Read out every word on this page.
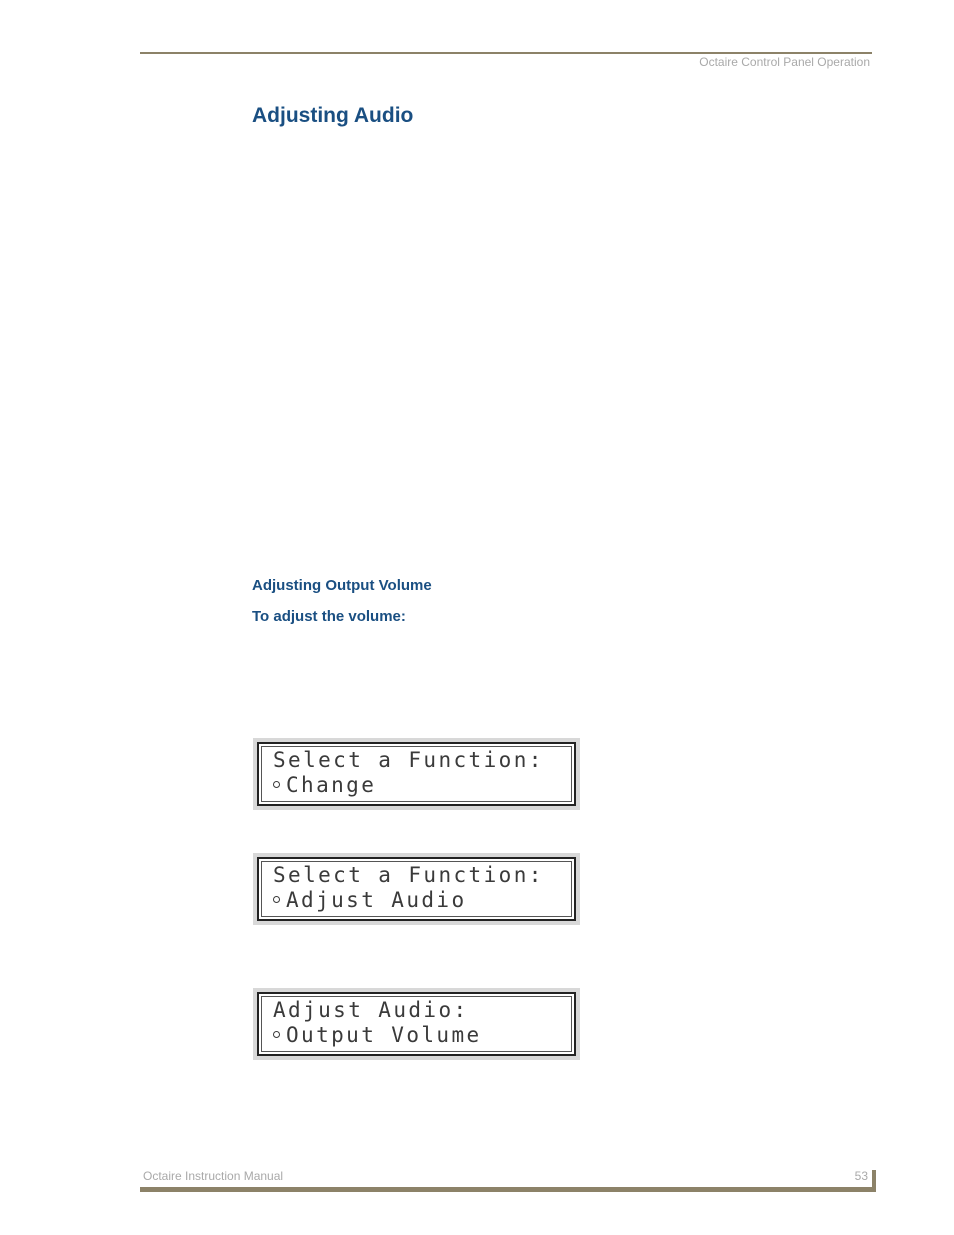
Octaire Control Panel Operation
Adjusting Audio
Adjusting Output Volume
To adjust the volume:
Select a Function:
Change
Select a Function:
Adjust Audio
Adjust Audio:
Output Volume
Octaire Instruction Manual	53
